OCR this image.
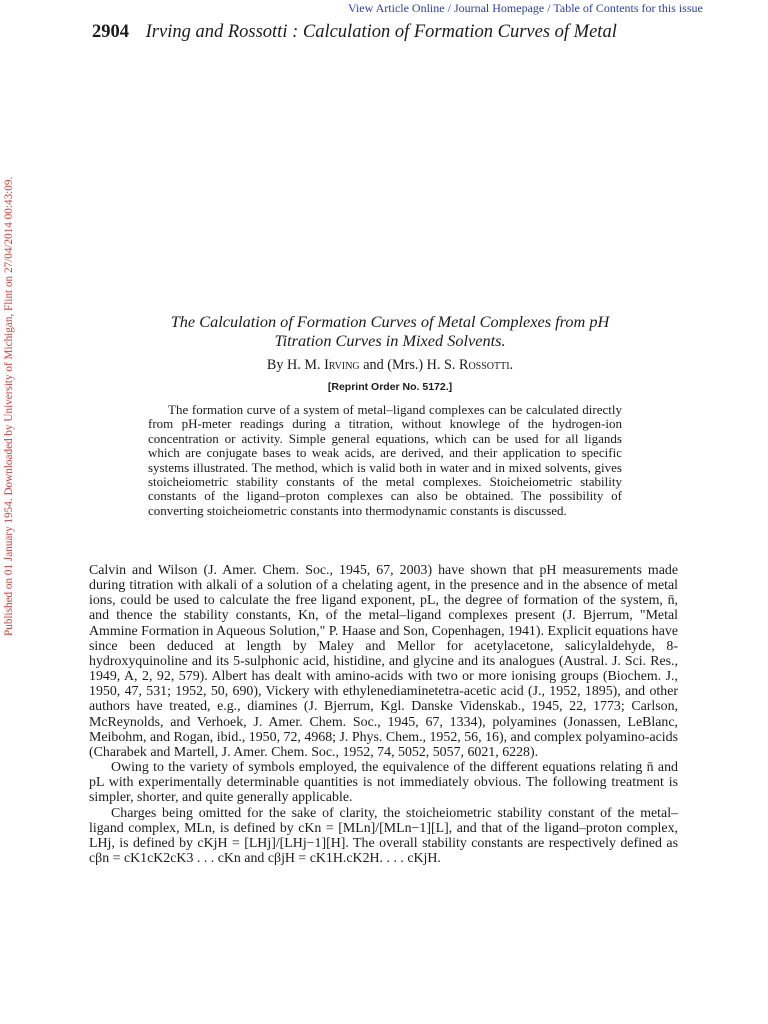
View Article Online / Journal Homepage / Table of Contents for this issue
2904 Irving and Rossotti : Calculation of Formation Curves of Metal
Published on 01 January 1954. Downloaded by University of Michigan, Flint on 27/04/2014 00:43:09.	The Calculation of Formation Curves of Metal Complexes from pH
Titration Curves in Mixed Solvents.
By H. M. Irving and (Mrs.) H. S. Rossotti.
[Reprint Order No. 5172.]
The formation curve of a system of metal–ligand complexes can be calculated directly from pH-meter readings during a titration, without knowlege of the hydrogen-ion concentration or activity. Simple general equations, which can be used for all ligands which are conjugate bases to weak acids, are derived, and their application to specific systems illustrated. The method, which is valid both in water and in mixed solvents, gives stoicheiometric stability constants of the metal complexes. Stoicheiometric stability constants of the ligand–proton complexes can also be obtained. The possibility of converting stoicheiometric constants into thermodynamic constants is discussed.

Calvin and Wilson (J. Amer. Chem. Soc., 1945, 67, 2003) have shown that pH measurements made during titration with alkali of a solution of a chelating agent, in the presence and in the absence of metal ions, could be used to calculate the free ligand exponent, pL, the degree of formation of the system, n̄, and thence the stability constants, Kn, of the metal–ligand complexes present (J. Bjerrum, "Metal Ammine Formation in Aqueous Solution," P. Haase and Son, Copenhagen, 1941). Explicit equations have since been deduced at length by Maley and Mellor for acetylacetone, salicylaldehyde, 8-hydroxyquinoline and its 5-sulphonic acid, histidine, and glycine and its analogues (Austral. J. Sci. Res., 1949, A, 2, 92, 579). Albert has dealt with amino-acids with two or more ionising groups (Biochem. J., 1950, 47, 531; 1952, 50, 690), Vickery with ethylenediaminetetra-acetic acid (J., 1952, 1895), and other authors have treated, e.g., diamines (J. Bjerrum, Kgl. Danske Videnskab., 1945, 22, 1773; Carlson, McReynolds, and Verhoek, J. Amer. Chem. Soc., 1945, 67, 1334), polyamines (Jonassen, LeBlanc, Meibohm, and Rogan, ibid., 1950, 72, 4968; J. Phys. Chem., 1952, 56, 16), and complex polyamino-acids (Charabek and Martell, J. Amer. Chem. Soc., 1952, 74, 5052, 5057, 6021, 6228).

Owing to the variety of symbols employed, the equivalence of the different equations relating n̄ and pL with experimentally determinable quantities is not immediately obvious. The following treatment is simpler, shorter, and quite generally applicable.

Charges being omitted for the sake of clarity, the stoicheiometric stability constant of the metal–ligand complex, MLn, is defined by cKn = [MLn]/[MLn−1][L], and that of the ligand–proton complex, LHj, is defined by cKjH = [LHj]/[LHj−1][H]. The overall stability constants are respectively defined as cβn = cK1cK2cK3 . . . cKn and cβjH = cK1H.cK2H. . . . cKjH.
